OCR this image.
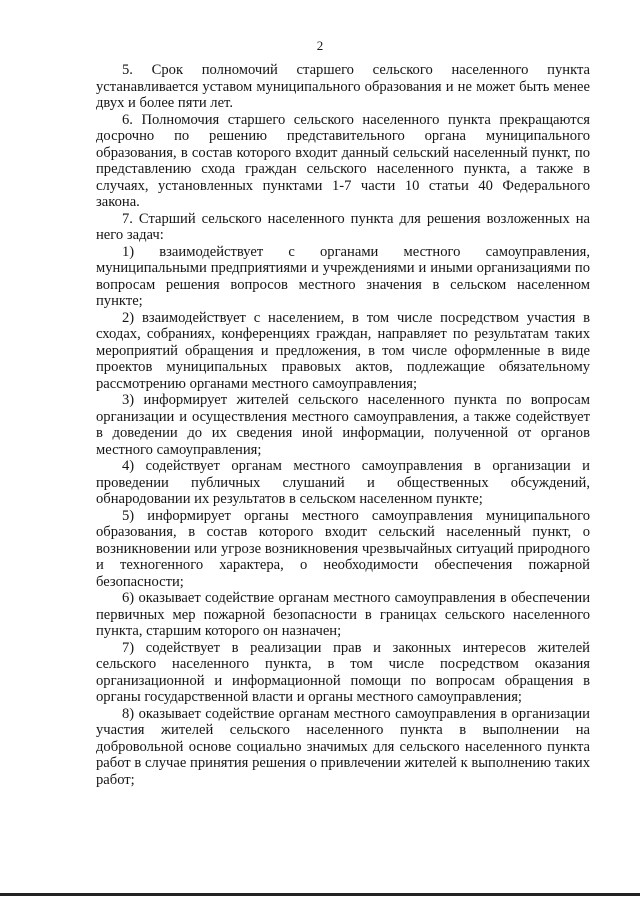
2

5. Срок полномочий старшего сельского населенного пункта устанавливается уставом муниципального образования и не может быть менее двух и более пяти лет.

6. Полномочия старшего сельского населенного пункта прекращаются досрочно по решению представительного органа муниципального образования, в состав которого входит данный сельский населенный пункт, по представлению схода граждан сельского населенного пункта, а также в случаях, установленных пунктами 1-7 части 10 статьи 40 Федерального закона.

7. Старший сельского населенного пункта для решения возложенных на него задач:

1) взаимодействует с органами местного самоуправления, муниципальными предприятиями и учреждениями и иными организациями по вопросам решения вопросов местного значения в сельском населенном пункте;

2) взаимодействует с населением, в том числе посредством участия в сходах, собраниях, конференциях граждан, направляет по результатам таких мероприятий обращения и предложения, в том числе оформленные в виде проектов муниципальных правовых актов, подлежащие обязательному рассмотрению органами местного самоуправления;

3) информирует жителей сельского населенного пункта по вопросам организации и осуществления местного самоуправления, а также содействует в доведении до их сведения иной информации, полученной от органов местного самоуправления;

4) содействует органам местного самоуправления в организации и проведении публичных слушаний и общественных обсуждений, обнародовании их результатов в сельском населенном пункте;

5) информирует органы местного самоуправления муниципального образования, в состав которого входит сельский населенный пункт, о возникновении или угрозе возникновения чрезвычайных ситуаций природного и техногенного характера, о необходимости обеспечения пожарной безопасности;

6) оказывает содействие органам местного самоуправления в обеспечении первичных мер пожарной безопасности в границах сельского населенного пункта, старшим которого он назначен;

7) содействует в реализации прав и законных интересов жителей сельского населенного пункта, в том числе посредством оказания организационной и информационной помощи по вопросам обращения в органы государственной власти и органы местного самоуправления;

8) оказывает содействие органам местного самоуправления в организации участия жителей сельского населенного пункта в выполнении на добровольной основе социально значимых для сельского населенного пункта работ в случае принятия решения о привлечении жителей к выполнению таких работ;
